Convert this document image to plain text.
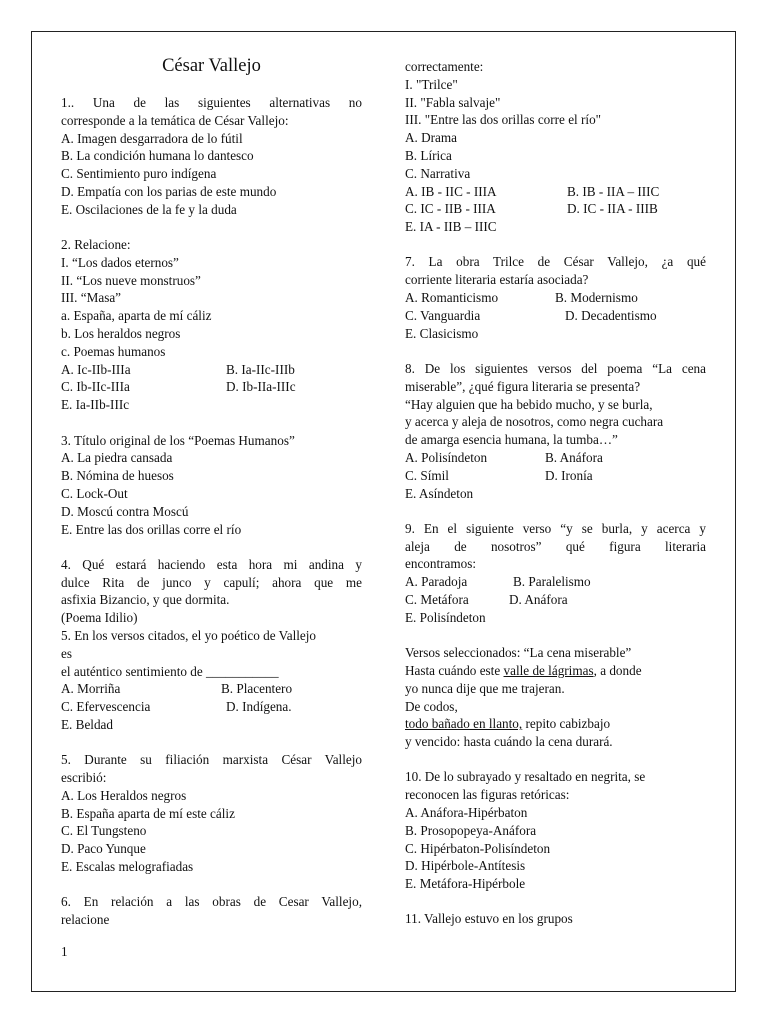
César Vallejo
1.. Una de las siguientes alternativas no
corresponde a la temática de César Vallejo:
A. Imagen desgarradora de lo fútil
B. La condición humana lo dantesco
C. Sentimiento puro indígena
D. Empatía con los parias de este mundo
E. Oscilaciones de la fe y la duda
2. Relacione:
I. “Los dados eternos”
II. “Los nueve monstruos”
III. “Masa”
a. España, aparta de mí cáliz
b. Los heraldos negros
c. Poemas humanos
A. Ic-IIb-IIIa	B. Ia-IIc-IIIb
C. Ib-IIc-IIIa	D. Ib-IIa-IIIc
E. Ia-IIb-IIIc
3. Título original de los “Poemas Humanos”
A. La piedra cansada
B. Nómina de huesos
C. Lock-Out
D. Moscú contra Moscú
E. Entre las dos orillas corre el río
4. Qué estará haciendo esta hora mi andina y
dulce Rita de junco y capulí; ahora que me
asfixia Bizancio, y que dormita.
(Poema Idilio)
5. En los versos citados, el yo poético de Vallejo
es
el auténtico sentimiento de ___________
A. Morriña	B. Placentero
C. Efervescencia	D. Indígena.
E. Beldad
5. Durante su filiación marxista César Vallejo
escribió:
A. Los Heraldos negros
B. España aparta de mí este cáliz
C. El Tungsteno
D. Paco Yunque
E. Escalas melografiadas
6. En relación a las obras de Cesar Vallejo,
relacione
correctamente:
I. "Trilce"
II. "Fabla salvaje"
III. "Entre las dos orillas corre el río"
A. Drama
B. Lírica
C. Narrativa
A. IB - IIC - IIIA	B. IB - IIA – IIIC
C. IC - IIB - IIIA	D. IC - IIA - IIIB
E. IA - IIB – IIIC
7. La obra Trilce de César Vallejo, ¿a qué
corriente literaria estaría asociada?
A. Romanticismo	B. Modernismo
C. Vanguardia	D. Decadentismo
E. Clasicismo
8. De los siguientes versos del poema “La cena
miserable”, ¿qué figura literaria se presenta?
“Hay alguien que ha bebido mucho, y se burla,
y acerca y aleja de nosotros, como negra cuchara
de amarga esencia humana, la tumba…”
A. Polisíndeton	B. Anáfora
C. Símil	D. Ironía
E. Asíndeton
9. En el siguiente verso “y se burla, y acerca y
aleja de nosotros” qué figura literaria
encontramos:
A. Paradoja	B. Paralelismo
C. Metáfora	D. Anáfora
E. Polisíndeton
Versos seleccionados: “La cena miserable”
Hasta cuándo este valle de lágrimas, a donde
yo nunca dije que me trajeran.
De codos,
todo bañado en llanto, repito cabizbajo
y vencido: hasta cuándo la cena durará.
10. De lo subrayado y resaltado en negrita, se
reconocen las figuras retóricas:
A. Anáfora-Hipérbaton
B. Prosopopeya-Anáfora
C. Hipérbaton-Polisíndeton
D. Hipérbole-Antítesis
E. Metáfora-Hipérbole
11. Vallejo estuvo en los grupos
1
